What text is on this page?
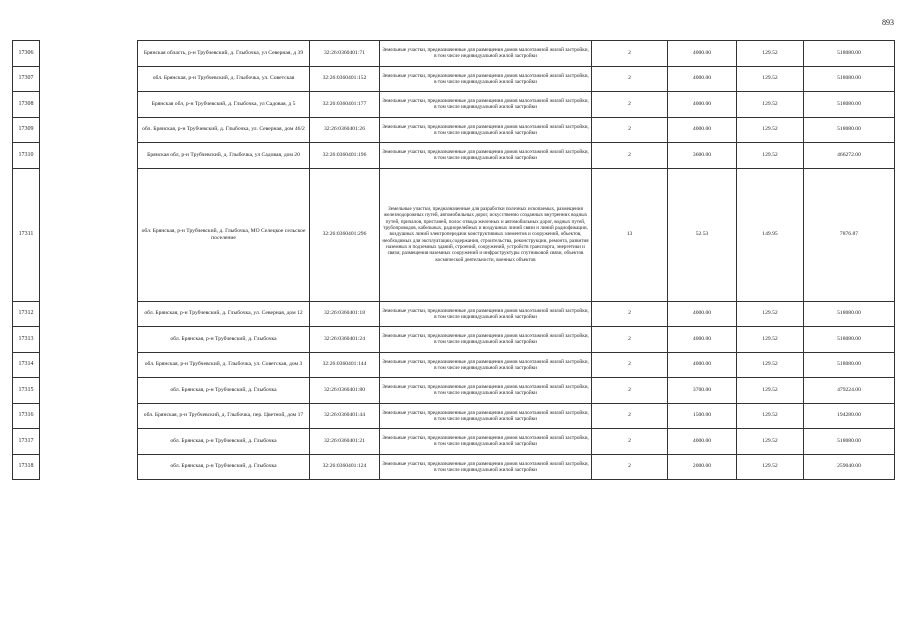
893
17306		Брянская область, р-н Трубчевский, д. Глыбочка, ул Северная, д 39	32:26:0360401:71	Земельные участки, предназначенные для размещения домов малоэтажной жилой застройки, в том числе индивидуальной жилой застройки	2	4000.00	129.52	518080.00
17307		обл. Брянская, р-н Трубчевский, д. Глыбочка, ул. Советская	32:26:0360401:152	Земельные участки, предназначенные для размещения домов малоэтажной жилой застройки, в том числе индивидуальной жилой застройки	2	4000.00	129.52	518080.00
17308		Брянская обл, р-н Трубчевский, д. Глыбочка, ул Садовая, д 5	32:26:0360401:177	Земельные участки, предназначенные для размещения домов малоэтажной жилой застройки, в том числе индивидуальной жилой застройки	2	4000.00	129.52	518080.00
17309		обл. Брянская, р-н Трубчевский, д. Глыбочка, ул. Северная, дом 46/2	32:26:0360401:26	Земельные участки, предназначенные для размещения домов малоэтажной жилой застройки, в том числе индивидуальной жилой застройки	2	4000.00	129.52	518080.00
17310		Брянская обл, р-н Трубчевский, д. Глыбочка, ул Садовая, дом 20	32:26:0360401:196	Земельные участки, предназначенные для размещения домов малоэтажной жилой застройки, в том числе индивидуальной жилой застройки	2	3600.00	129.52	466272.00
17311		обл. Брянская, р-н Трубчевский, д. Глыбочка, МО Селецкое сельское поселение	32:26:0360401:296	Земельные участки, предназначенные для разработки полезных ископаемых, размещения железнодорожных путей, автомобильных дорог, искусственно созданных внутренних водных путей, причалов, пристаней, полос отвода железных и автомобильных дорог, водных путей, трубопроводов, кабельных, радиорелейных и воздушных линий связи и линий радиофикации, воздушных линий электропередачи конструктивных элементов и сооружений, объектов, необходимых для эксплуатации,содержания, строительства, реконструкции, ремонта, развития наземных и подземных зданий, строений, сооружений, устройств транспорта, энергетики и связи; размещения наземных сооружений и инфраструктуры спутниковой связи, объектов космической деятельности, военных объектов	13	52.53	149.95	7876.87
17312		обл. Брянская, р-н Трубчевский, д. Глыбочка, ул. Северная, дом 12	32:26:0360401:18	Земельные участки, предназначенные для размещения домов малоэтажной жилой застройки, в том числе индивидуальной жилой застройки	2	4000.00	129.52	518080.00
17313		обл. Брянская, р-н Трубчевский, д. Глыбочка	32:26:0360401:24	Земельные участки, предназначенные для размещения домов малоэтажной жилой застройки, в том числе индивидуальной жилой застройки	2	4000.00	129.52	518080.00
17314		обл. Брянская, р-н Трубчевский, д. Глыбочка, ул. Советская, дом 3	32:26:0360401:144	Земельные участки, предназначенные для размещения домов малоэтажной жилой застройки, в том числе индивидуальной жилой застройки	2	4000.00	129.52	518080.00
17315		обл. Брянская, р-н Трубчевский, д. Глыбочка	32:26:0360401:80	Земельные участки, предназначенные для размещения домов малоэтажной жилой застройки, в том числе индивидуальной жилой застройки	2	3700.00	129.52	479224.00
17316		обл. Брянская, р-н Трубчевский, д. Глыбочка, пер. Цветной, дом 17	32:26:0360401:44	Земельные участки, предназначенные для размещения домов малоэтажной жилой застройки, в том числе индивидуальной жилой застройки	2	1500.00	129.52	194280.00
17317		обл. Брянская, р-н Трубчевский, д. Глыбочка	32:26:0360401:21	Земельные участки, предназначенные для размещения домов малоэтажной жилой застройки, в том числе индивидуальной жилой застройки	2	4000.00	129.52	518080.00
17318		обл. Брянская, р-н Трубчевский, д. Глыбочка	32:26:0360401:124	Земельные участки, предназначенные для размещения домов малоэтажной жилой застройки, в том числе индивидуальной жилой застройки	2	2000.00	129.52	259040.00
